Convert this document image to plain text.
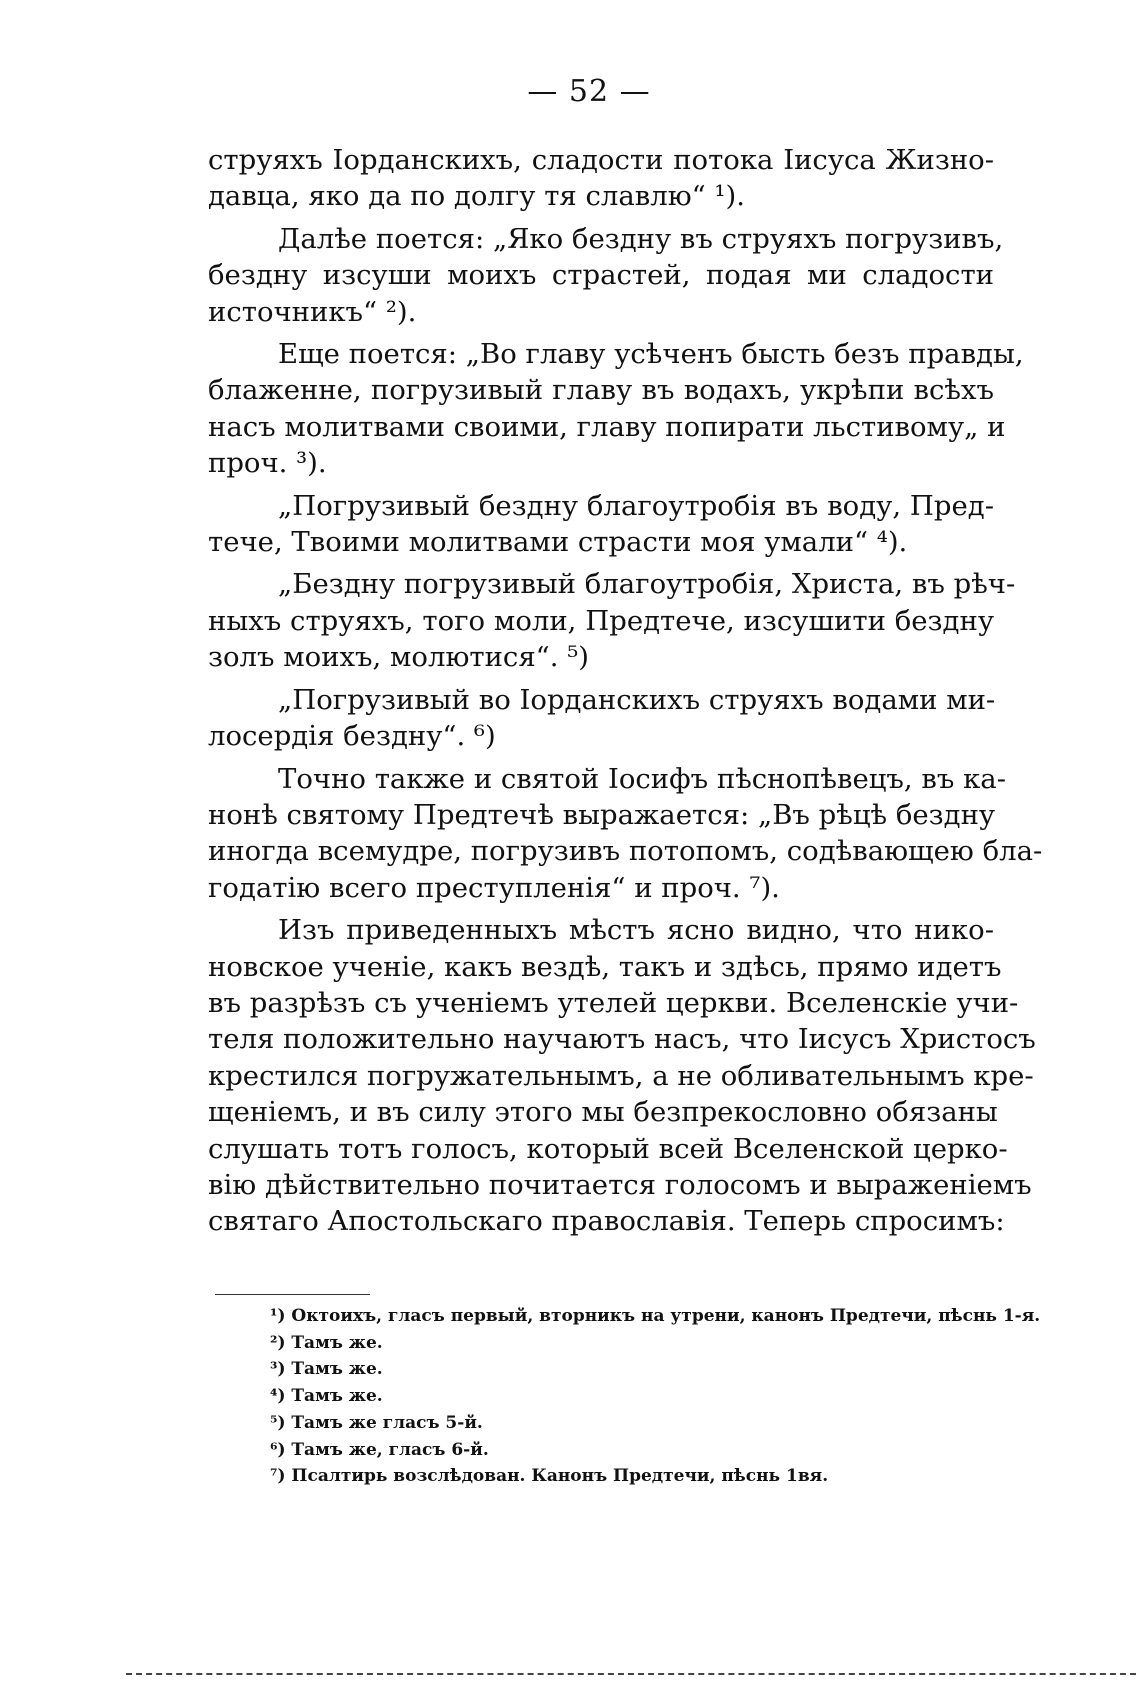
— 52 —
струяхъ Іорданскихъ, сладости потока Іисуса Жизно-
давца, яко да по долгу тя славлю“ ¹).
Далѣе поется: „Яко бездну въ струяхъ погрузивъ,
бездну изсуши моихъ страстей, подая ми сладости
источникъ“ ²).
Еще поется: „Во главу усѣченъ бысть безъ правды,
блаженне, погрузивый главу въ водахъ, укрѣпи всѣхъ
насъ молитвами своими, главу попирати льстивому„ и
проч. ³).
„Погрузивый бездну благоутробія въ воду, Пред-
тече, Твоими молитвами страсти моя умали“ ⁴).
„Бездну погрузивый благоутробія, Христа, въ рѣч-
ныхъ струяхъ, того моли, Предтече, изсушити бездну
золъ моихъ, молютися“. ⁵)
„Погрузивый во Іорданскихъ струяхъ водами ми-
лосердія бездну“. ⁶)
Точно также и святой Іосифъ пѣснопѣвецъ, въ ка-
нонѣ святому Предтечѣ выражается: „Въ рѣцѣ бездну
иногда всемудре, погрузивъ потопомъ, содѣвающею бла-
годатію всего преступленія“ и проч. ⁷).
Изъ приведенныхъ мѣстъ ясно видно, что нико-
новское ученіе, какъ вездѣ, такъ и здѣсь, прямо идетъ
въ разрѣзъ съ ученіемъ утелей церкви. Вселенскіе учи-
теля положительно научаютъ насъ, что Іисусъ Христосъ
крестился погружательнымъ, а не обливательнымъ кре-
щеніемъ, и въ силу этого мы безпрекословно обязаны
слушать тотъ голосъ, который всей Вселенской церко-
вію дѣйствительно почитается голосомъ и выраженіемъ
святаго Апостольскаго православія. Теперь спросимъ:
¹) Октоихъ, гласъ первый, вторникъ на утрени, канонъ Предтечи, пѣснь 1-я.
²) Тамъ же.
³) Тамъ же.
⁴) Тамъ же.
⁵) Тамъ же гласъ 5-й.
⁶) Тамъ же, гласъ 6-й.
⁷) Псалтирь возслѣдован. Канонъ Предтечи, пѣснь 1вя.
